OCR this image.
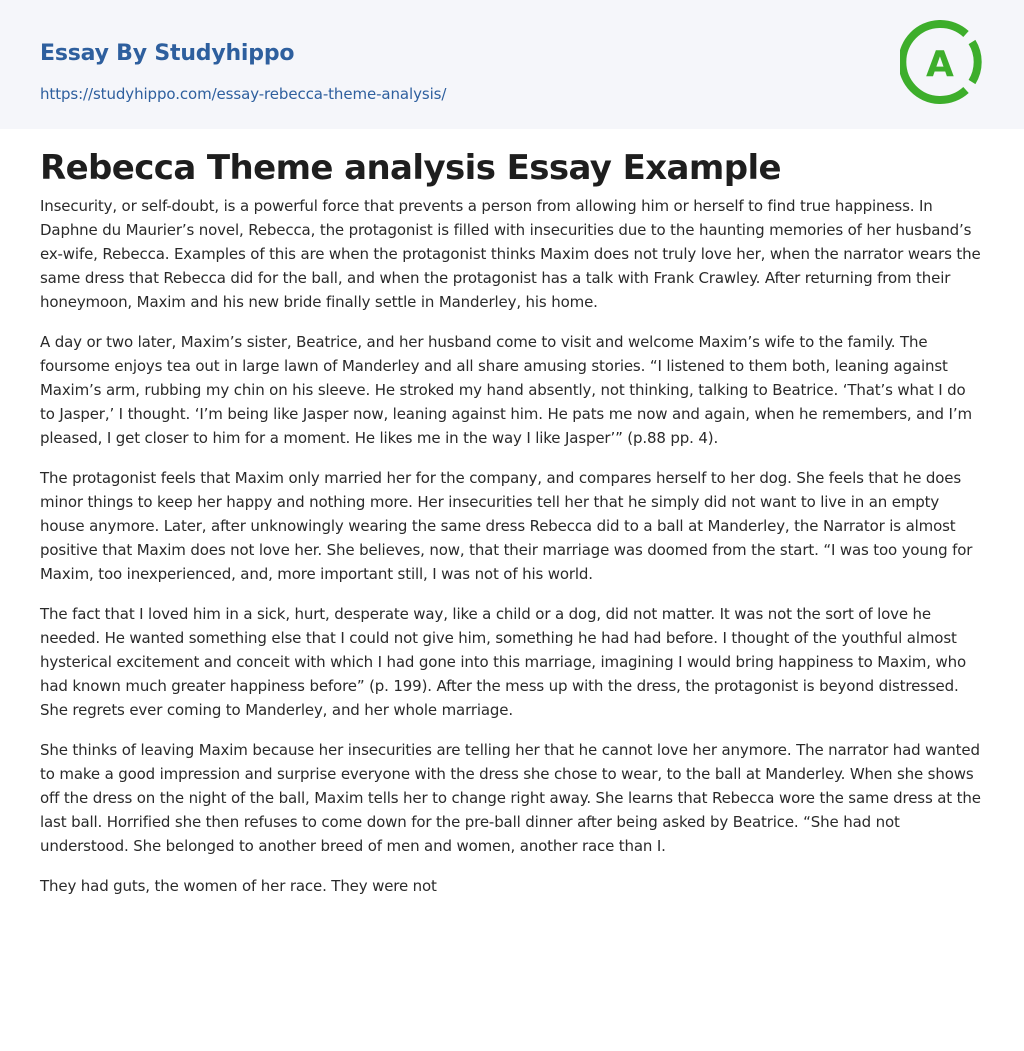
Essay By Studyhippo
https://studyhippo.com/essay-rebecca-theme-analysis/
A
Rebecca Theme analysis Essay Example

Insecurity, or self-doubt, is a powerful force that prevents a person from allowing him or herself to find true happiness. In Daphne du Maurier’s novel, Rebecca, the protagonist is filled with insecurities due to the haunting memories of her husband’s ex-wife, Rebecca. Examples of this are when the protagonist thinks Maxim does not truly love her, when the narrator wears the same dress that Rebecca did for the ball, and when the protagonist has a talk with Frank Crawley. After returning from their honeymoon, Maxim and his new bride finally settle in Manderley, his home.

A day or two later, Maxim’s sister, Beatrice, and her husband come to visit and welcome Maxim’s wife to the family. The foursome enjoys tea out in large lawn of Manderley and all share amusing stories. “I listened to them both, leaning against Maxim’s arm, rubbing my chin on his sleeve. He stroked my hand absently, not thinking, talking to Beatrice. ‘That’s what I do to Jasper,’ I thought. ‘I’m being like Jasper now, leaning against him. He pats me now and again, when he remembers, and I’m pleased, I get closer to him for a moment. He likes me in the way I like Jasper’” (p.88 pp. 4).

The protagonist feels that Maxim only married her for the company, and compares herself to her dog. She feels that he does minor things to keep her happy and nothing more. Her insecurities tell her that he simply did not want to live in an empty house anymore. Later, after unknowingly wearing the same dress Rebecca did to a ball at Manderley, the Narrator is almost positive that Maxim does not love her. She believes, now, that their marriage was doomed from the start. “I was too young for Maxim, too inexperienced, and, more important still, I was not of his world.

The fact that I loved him in a sick, hurt, desperate way, like a child or a dog, did not matter. It was not the sort of love he needed. He wanted something else that I could not give him, something he had had before. I thought of the youthful almost hysterical excitement and conceit with which I had gone into this marriage, imagining I would bring happiness to Maxim, who had known much greater happiness before” (p. 199). After the mess up with the dress, the protagonist is beyond distressed. She regrets ever coming to Manderley, and her whole marriage.

She thinks of leaving Maxim because her insecurities are telling her that he cannot love her anymore. The narrator had wanted to make a good impression and surprise everyone with the dress she chose to wear, to the ball at Manderley. When she shows off the dress on the night of the ball, Maxim tells her to change right away. She learns that Rebecca wore the same dress at the last ball. Horrified she then refuses to come down for the pre-ball dinner after being asked by Beatrice. “She had not understood. She belonged to another breed of men and women, another race than I.

They had guts, the women of her race. They were not
